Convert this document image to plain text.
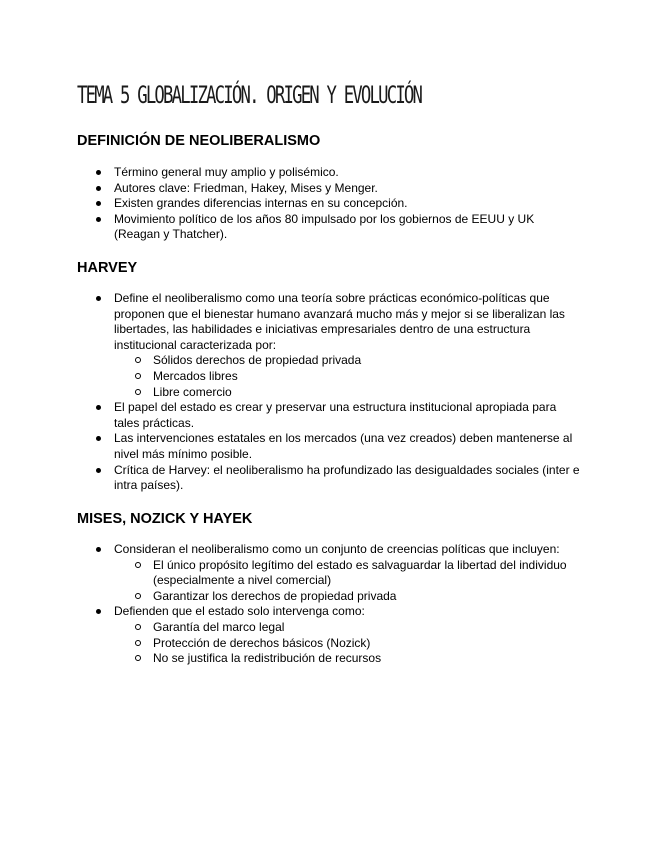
TEMA 5 GLOBALIZACIÓN. ORIGEN Y EVOLUCIÓN
DEFINICIÓN DE NEOLIBERALISMO
Término general muy amplio y polisémico.
Autores clave: Friedman, Hakey, Mises y Menger.
Existen grandes diferencias internas en su concepción.
Movimiento político de los años 80 impulsado por los gobiernos de EEUU y UK (Reagan y Thatcher).
HARVEY
Define el neoliberalismo como una teoría sobre prácticas económico-políticas que proponen que el bienestar humano avanzará mucho más y mejor si se liberalizan las libertades, las habilidades e iniciativas empresariales dentro de una estructura institucional caracterizada por:
Sólidos derechos de propiedad privada
Mercados libres
Libre comercio
El papel del estado es crear y preservar una estructura institucional apropiada para tales prácticas.
Las intervenciones estatales en los mercados (una vez creados) deben mantenerse al nivel más mínimo posible.
Crítica de Harvey: el neoliberalismo ha profundizado las desigualdades sociales (inter e intra países).
MISES, NOZICK Y HAYEK
Consideran el neoliberalismo como un conjunto de creencias políticas que incluyen:
El único propósito legítimo del estado es salvaguardar la libertad del individuo (especialmente a nivel comercial)
Garantizar los derechos de propiedad privada
Defienden que el estado solo intervenga como:
Garantía del marco legal
Protección de derechos básicos (Nozick)
No se justifica la redistribución de recursos
